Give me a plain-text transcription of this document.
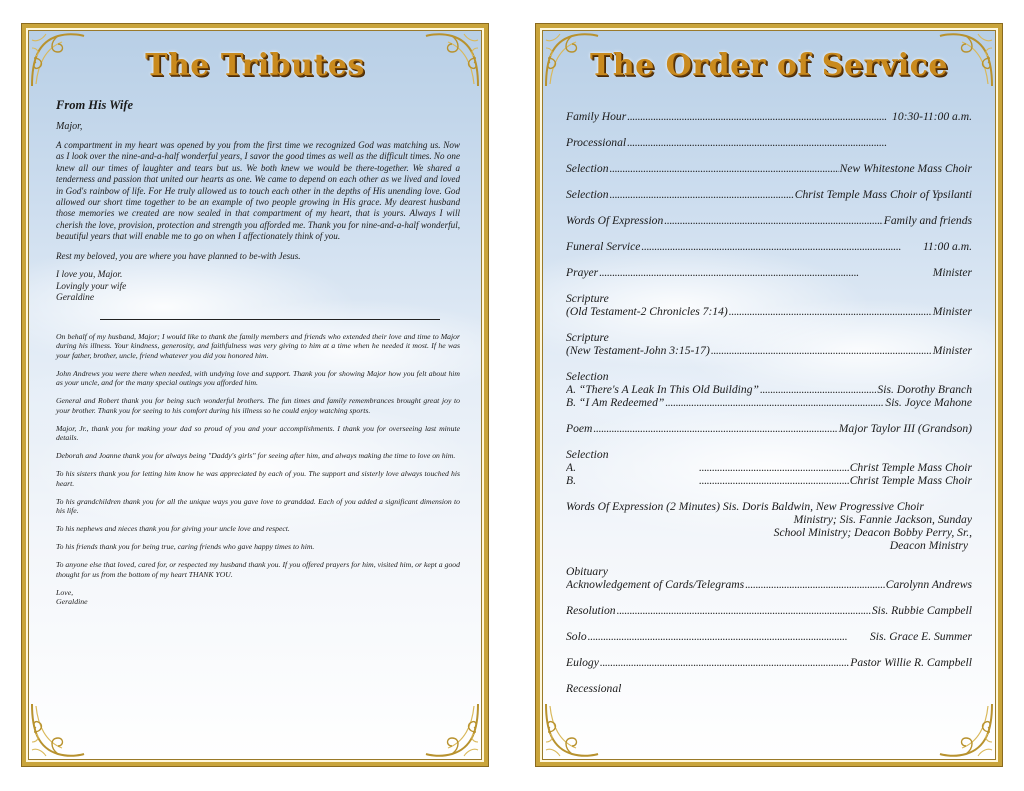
The Tributes

From His Wife

Major,

A compartment in my heart was opened by you from the first time we recognized God was matching us. Now as I look over the nine-and-a-half wonderful years, I savor the good times as well as the difficult times. No one knew all our times of laughter and tears but us. We both knew we would be there-together. We shared a tenderness and passion that united our hearts as one. We came to depend on each other as we lived and loved in God's rainbow of life. For He truly allowed us to touch each other in the depths of His unending love. God allowed our short time together to be an example of two people growing in His grace. My dearest husband those memories we created are now sealed in that compartment of my heart, that is yours. Always I will cherish the love, provision, protection and strength you afforded me. Thank you for nine-and-a-half wonderful, beautiful years that will enable me to go on when I affectionately think of you.

Rest my beloved, you are where you have planned to be-with Jesus.

I love you, Major.

Lovingly your wife

Geraldine

On behalf of my husband, Major; I would like to thank the family members and friends who extended their love and time to Major during his illness. Your kindness, generosity, and faithfulness was very giving to him at a time when he needed it most. If he was your father, brother, uncle, friend whatever you did you honored him.

John Andrews you were there when needed, with undying love and support. Thank you for showing Major how you felt about him as your uncle, and for the many special outings you afforded him.

General and Robert thank you for being such wonderful brothers. The fun times and family remembrances brought great joy to your brother. Thank you for seeing to his comfort during his illness so he could enjoy watching sports.

Major, Jr., thank you for making your dad so proud of you and your accomplishments. I thank you for overseeing last minute details.

Deborah and Joanne thank you for always being "Daddy's girls" for seeing after him, and always making the time to love on him.

To his sisters thank you for letting him know he was appreciated by each of you. The support and sisterly love always touched his heart.

To his grandchildren thank you for all the unique ways you gave love to granddad. Each of you added a significant dimension to his life.

To his nephews and nieces thank you for giving your uncle love and respect.

To his friends thank you for being true, caring friends who gave happy times to him.

To anyone else that loved, cared for, or respected my husband thank you. If you offered prayers for him, visited him, or kept a good thought for us from the bottom of my heart THANK YOU.

Love,

Geraldine

The Order of Service
Family Hour . . .	10:30-11:00 a.m.
Processional
. . .
Selection . . .	New Whitestone Mass Choir
Selection . . .	Christ Temple Mass Choir of Ypsilanti
Words Of Expression . . .	Family and friends
Funeral Service . . .	11:00 a.m.
Prayer . . .	Minister
Scripture
(Old Testament-2 Chronicles 7:14) . . .	Minister
Scripture
(New Testament-John 3:15-17) . . .	Minister
Selection
A. “There's A Leak In This Old Building” . . .	Sis. Dorothy Branch
B. “I Am Redeemed” . . .	Sis. Joyce Mahone
Poem . . .	Major Taylor III (Grandson)
Selection
A. . . .	Christ Temple Mass Choir
B. . . .	Christ Temple Mass Choir
Words Of Expression (2 Minutes) Sis. Doris Baldwin, New Progressive Choir
Ministry; Sis. Fannie Jackson, Sunday
School Ministry; Deacon Bobby Perry, Sr.,
Deacon Ministry
Obituary
Acknowledgement of Cards/Telegrams . . .	Carolynn Andrews
Resolution . . .	Sis. Rubbie Campbell
Solo . . .	Sis. Grace E. Summer
Eulogy . . .	Pastor Willie R. Campbell
Recessional
